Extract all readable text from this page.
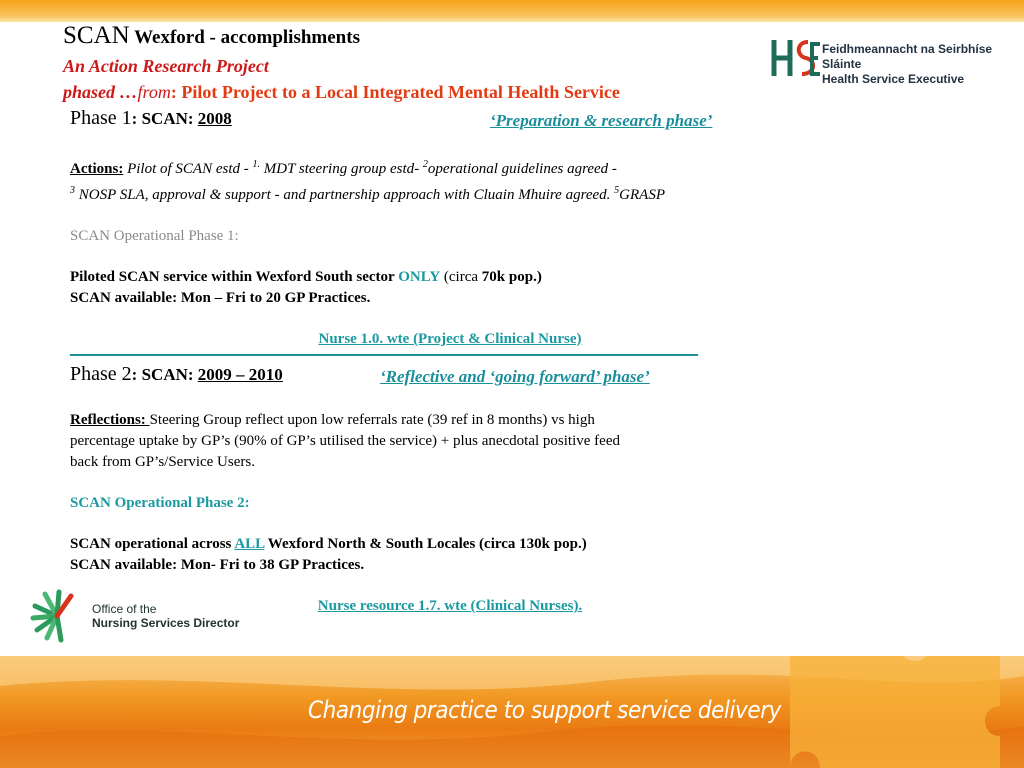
SCAN Wexford - accomplishments
An Action Research Project
phased …from: Pilot Project to a Local Integrated Mental Health Service
Feidhmeannacht na Seirbhíse Sláinte
Health Service Executive
Phase 1: SCAN: 2008	‘Preparation & research phase’
Actions: Pilot of SCAN estd - $^{1.}$ MDT steering group estd- $^2$operational guidelines agreed -
$^3$ NOSP SLA, approval & support - and partnership approach with Cluain Mhuire agreed. $^5$GRASP
SCAN Operational Phase 1:
Piloted SCAN service within Wexford South sector ONLY (circa 70k pop.)
SCAN available: Mon – Fri to 20 GP Practices.
Nurse 1.0. wte (Project & Clinical Nurse)
Phase 2: SCAN: 2009 – 2010	‘Reflective and ‘going forward’ phase’
Reflections: Steering Group reflect upon low referrals rate (39 ref in 8 months) vs high
percentage uptake by GP’s (90% of GP’s utilised the service) + plus anecdotal positive feed
back from GP’s/Service Users.
SCAN Operational Phase 2:
SCAN operational across ALL Wexford North & South Locales (circa 130k pop.)
SCAN available: Mon- Fri to 38 GP Practices.
Nurse resource 1.7. wte (Clinical Nurses).
Office of the
Nursing Services Director
Changing practice to support service delivery
